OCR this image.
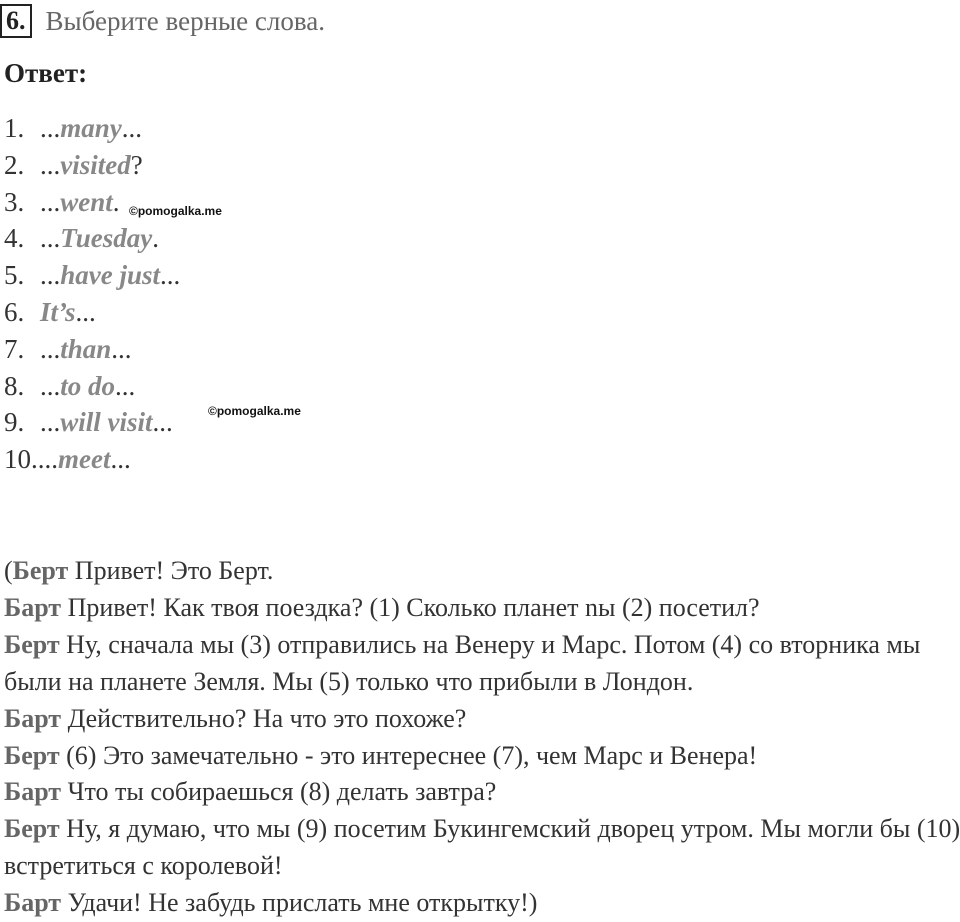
6. Выберите верные слова.
Ответ:
1. ...many...
2. ...visited?
3. ...went.
4. ...Tuesday.
5. ...have just...
6. It’s...
7. ...than...
8. ...to do...
9. ...will visit...
10....meet...
©pomogalka.me
©pomogalka.me

(Берт Привет! Это Берт.

Барт Привет! Как твоя поездка? (1) Сколько планет nы (2) посетил?

Берт Ну, сначала мы (3) отправились на Венеру и Марс. Потом (4) со вторника мы были на планете Земля. Мы (5) только что прибыли в Лондон.

Барт Действительно? На что это похоже?

Берт (6) Это замечательно - это интереснее (7), чем Марс и Венера!

Барт Что ты собираешься (8) делать завтра?

Берт Ну, я думаю, что мы (9) посетим Букингемский дворец утром. Мы могли бы (10) встретиться с королевой!

Барт Удачи! Не забудь прислать мне открытку!)
